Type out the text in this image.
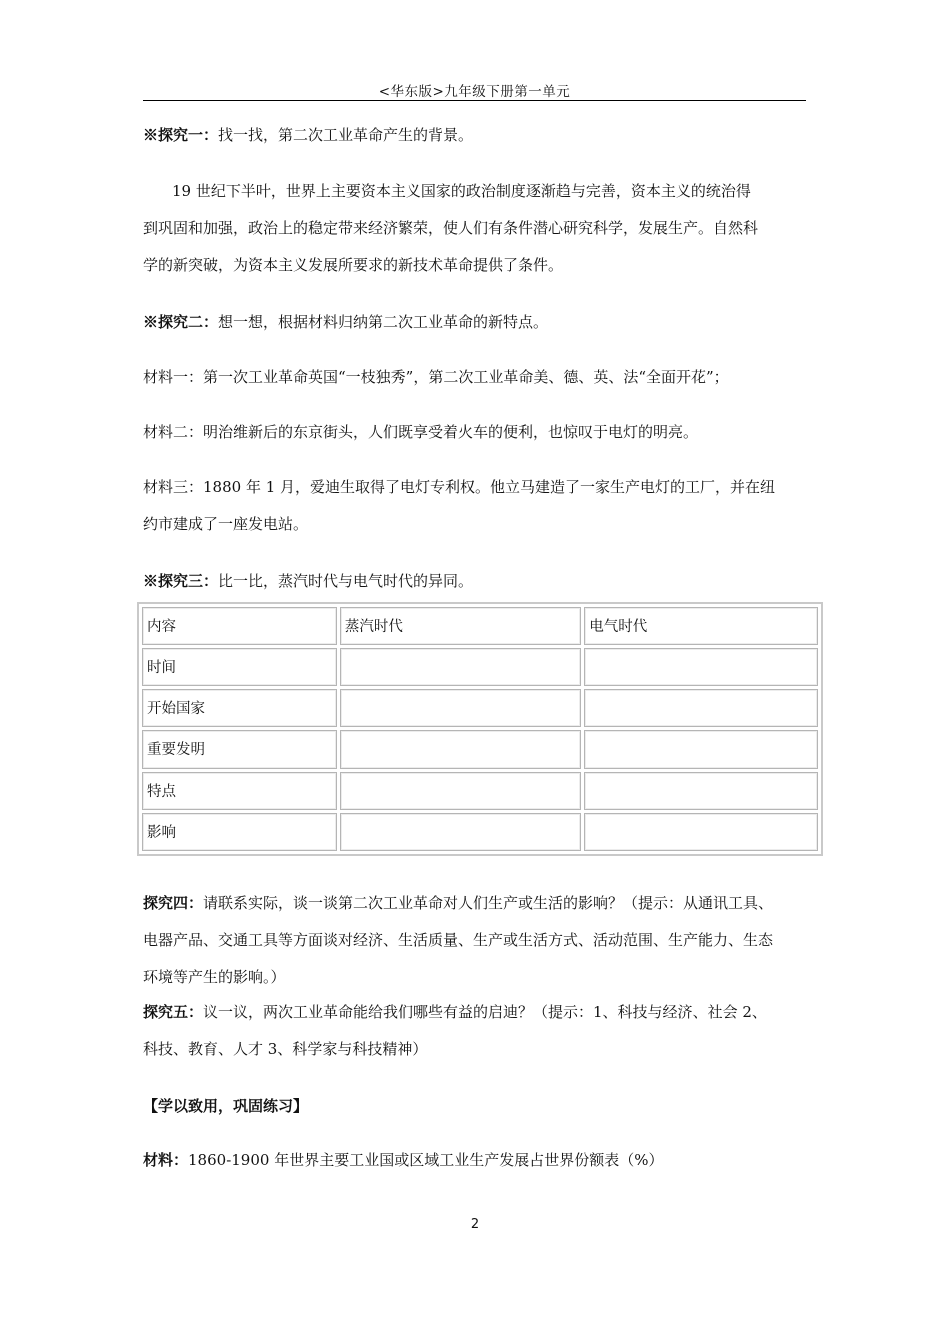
<华东版>九年级下册第一单元
※探究一：找一找，第二次工业革命产生的背景。
19 世纪下半叶，世界上主要资本主义国家的政治制度逐渐趋与完善，资本主义的统治得
到巩固和加强，政治上的稳定带来经济繁荣，使人们有条件潜心研究科学，发展生产。自然科
学的新突破，为资本主义发展所要求的新技术革命提供了条件。
※探究二：想一想，根据材料归纳第二次工业革命的新特点。
材料一：第一次工业革命英国“一枝独秀”，第二次工业革命美、德、英、法“全面开花”；
材料二：明治维新后的东京街头，人们既享受着火车的便利，也惊叹于电灯的明亮。
材料三：1880 年 1 月，爱迪生取得了电灯专利权。他立马建造了一家生产电灯的工厂，并在纽
约市建成了一座发电站。
※探究三：比一比，蒸汽时代与电气时代的异同。
内容	蒸汽时代	电气时代
时间		
开始国家		
重要发明		
特点		
影响		
探究四：请联系实际，谈一谈第二次工业革命对人们生产或生活的影响？（提示：从通讯工具、
电器产品、交通工具等方面谈对经济、生活质量、生产或生活方式、活动范围、生产能力、生态
环境等产生的影响。）
探究五：议一议，两次工业革命能给我们哪些有益的启迪？（提示：1、科技与经济、社会 2、
科技、教育、人才 3、科学家与科技精神）
【学以致用，巩固练习】
材料：1860-1900 年世界主要工业国或区域工业生产发展占世界份额表（%）
2
